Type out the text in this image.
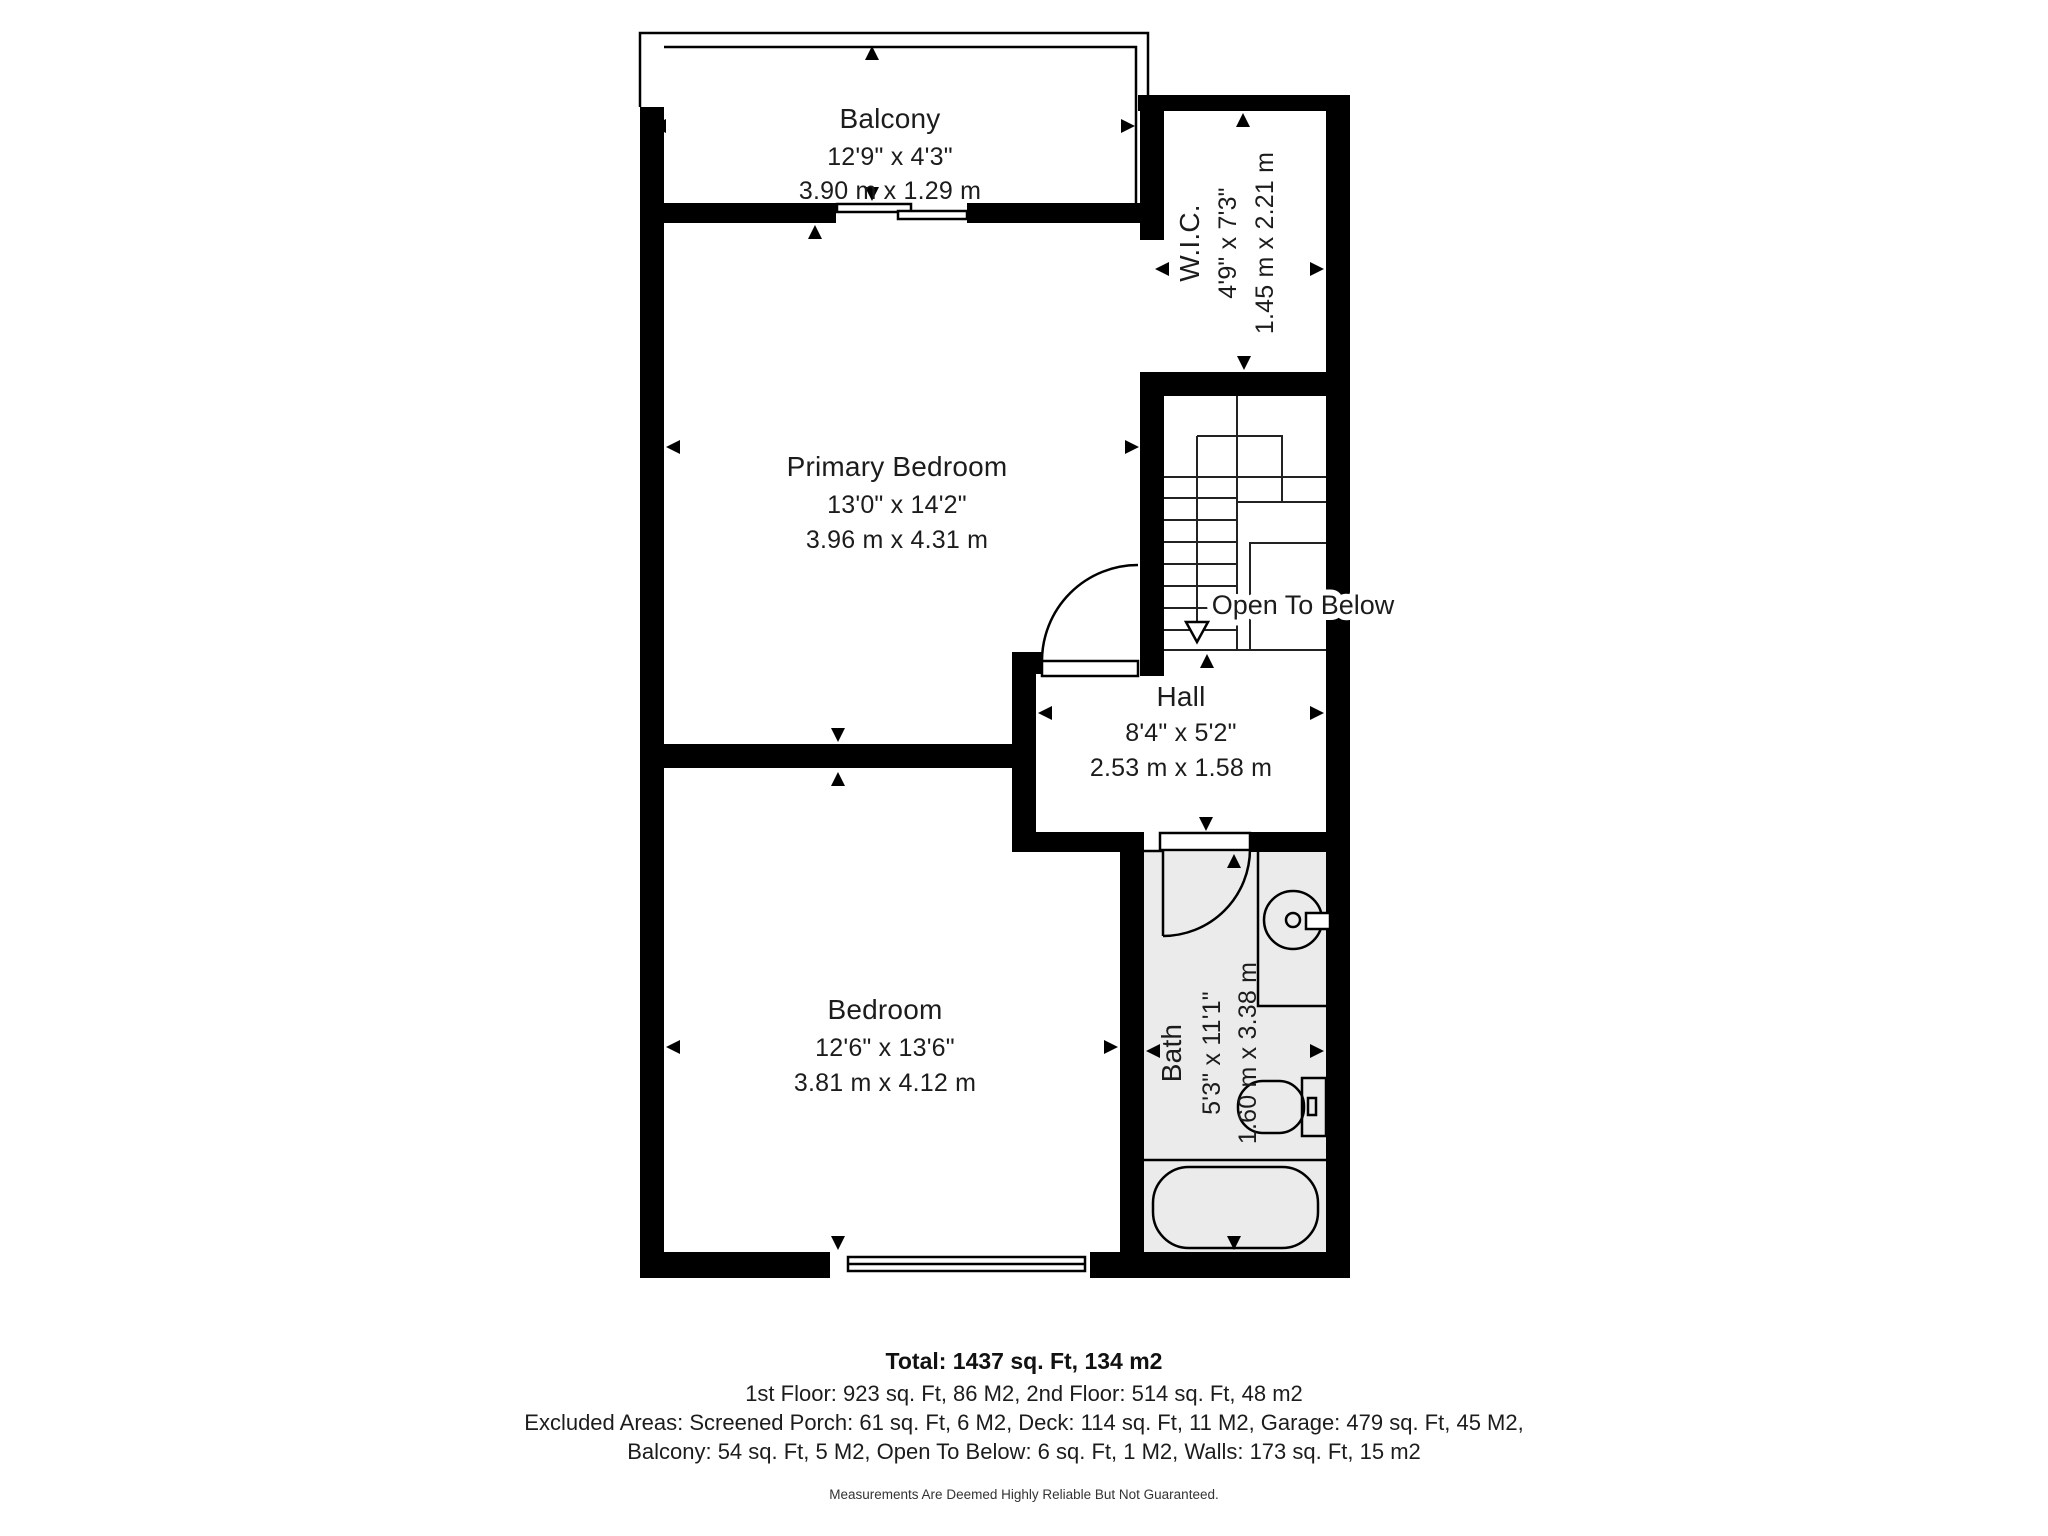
Balcony
12'9" x 4'3"
3.90 m x 1.29 m
W.I.C. 4'9" x 7'3" 1.45 m x 2.21 m
Primary Bedroom
13'0" x 14'2"
3.96 m x 4.31 m
Hall
8'4" x 5'2"
2.53 m x 1.58 m
Bedroom
12'6" x 13'6"
3.81 m x 4.12 m
Bath 5'3" x 11'1" 1.60 m x 3.38 m
Open To Below
Total: 1437 sq. Ft, 134 m2
1st Floor: 923 sq. Ft, 86 M2, 2nd Floor: 514 sq. Ft, 48 m2
Excluded Areas: Screened Porch: 61 sq. Ft, 6 M2, Deck: 114 sq. Ft, 11 M2, Garage: 479 sq. Ft, 45 M2,
Balcony: 54 sq. Ft, 5 M2, Open To Below: 6 sq. Ft, 1 M2, Walls: 173 sq. Ft, 15 m2
Measurements Are Deemed Highly Reliable But Not Guaranteed.
